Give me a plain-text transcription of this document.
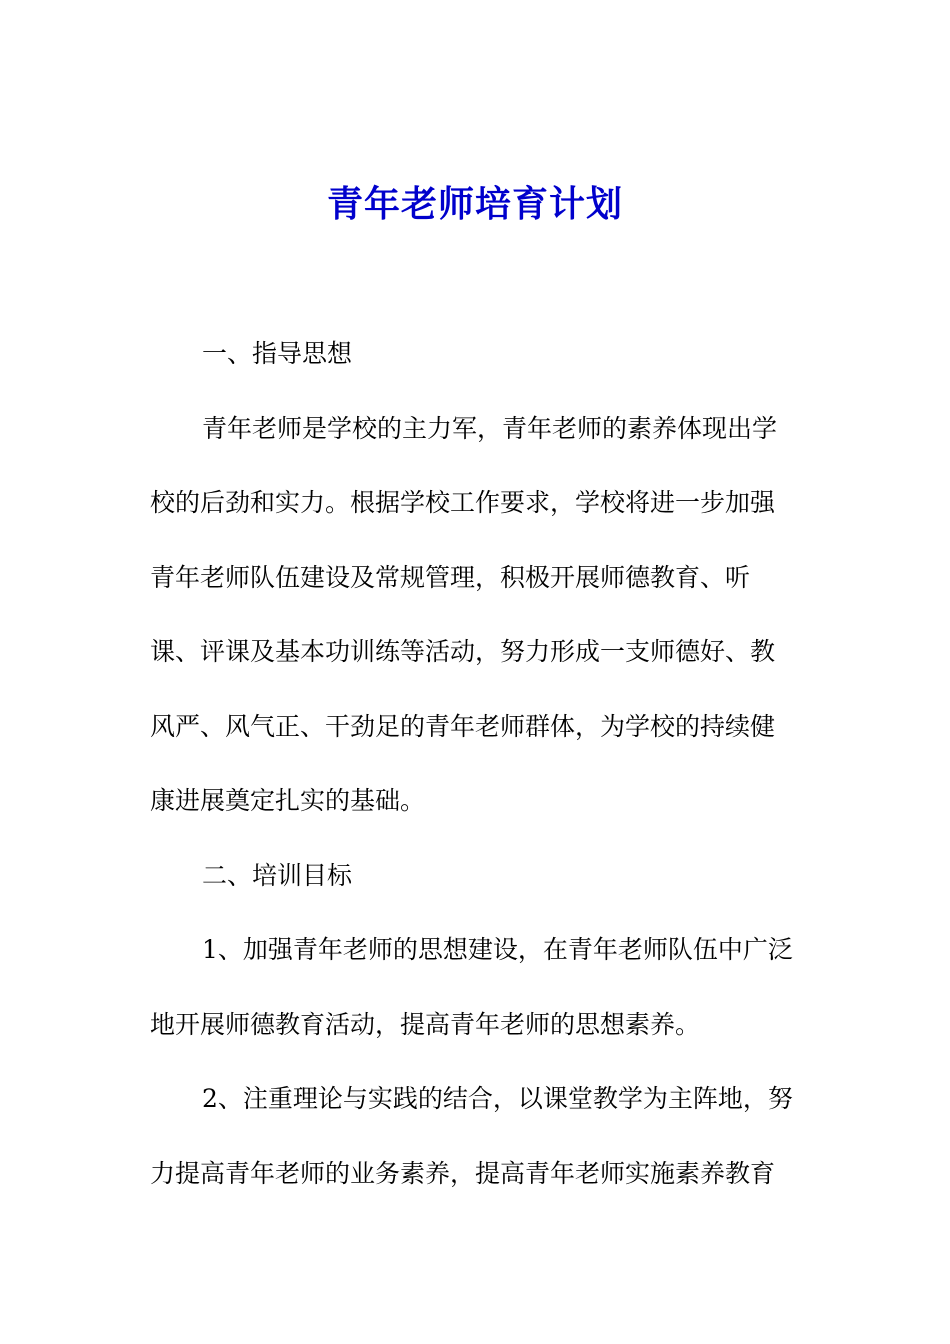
青年老师培育计划
一、指导思想
青年老师是学校的主力军，青年老师的素养体现出学
校的后劲和实力。根据学校工作要求，学校将进一步加强
青年老师队伍建设及常规管理，积极开展师德教育、听
课、评课及基本功训练等活动，努力形成一支师德好、教
风严、风气正、干劲足的青年老师群体，为学校的持续健
康进展奠定扎实的基础。
二、培训目标
1、加强青年老师的思想建设，在青年老师队伍中广泛
地开展师德教育活动，提高青年老师的思想素养。
2、注重理论与实践的结合，以课堂教学为主阵地，努
力提高青年老师的业务素养，提高青年老师实施素养教育
